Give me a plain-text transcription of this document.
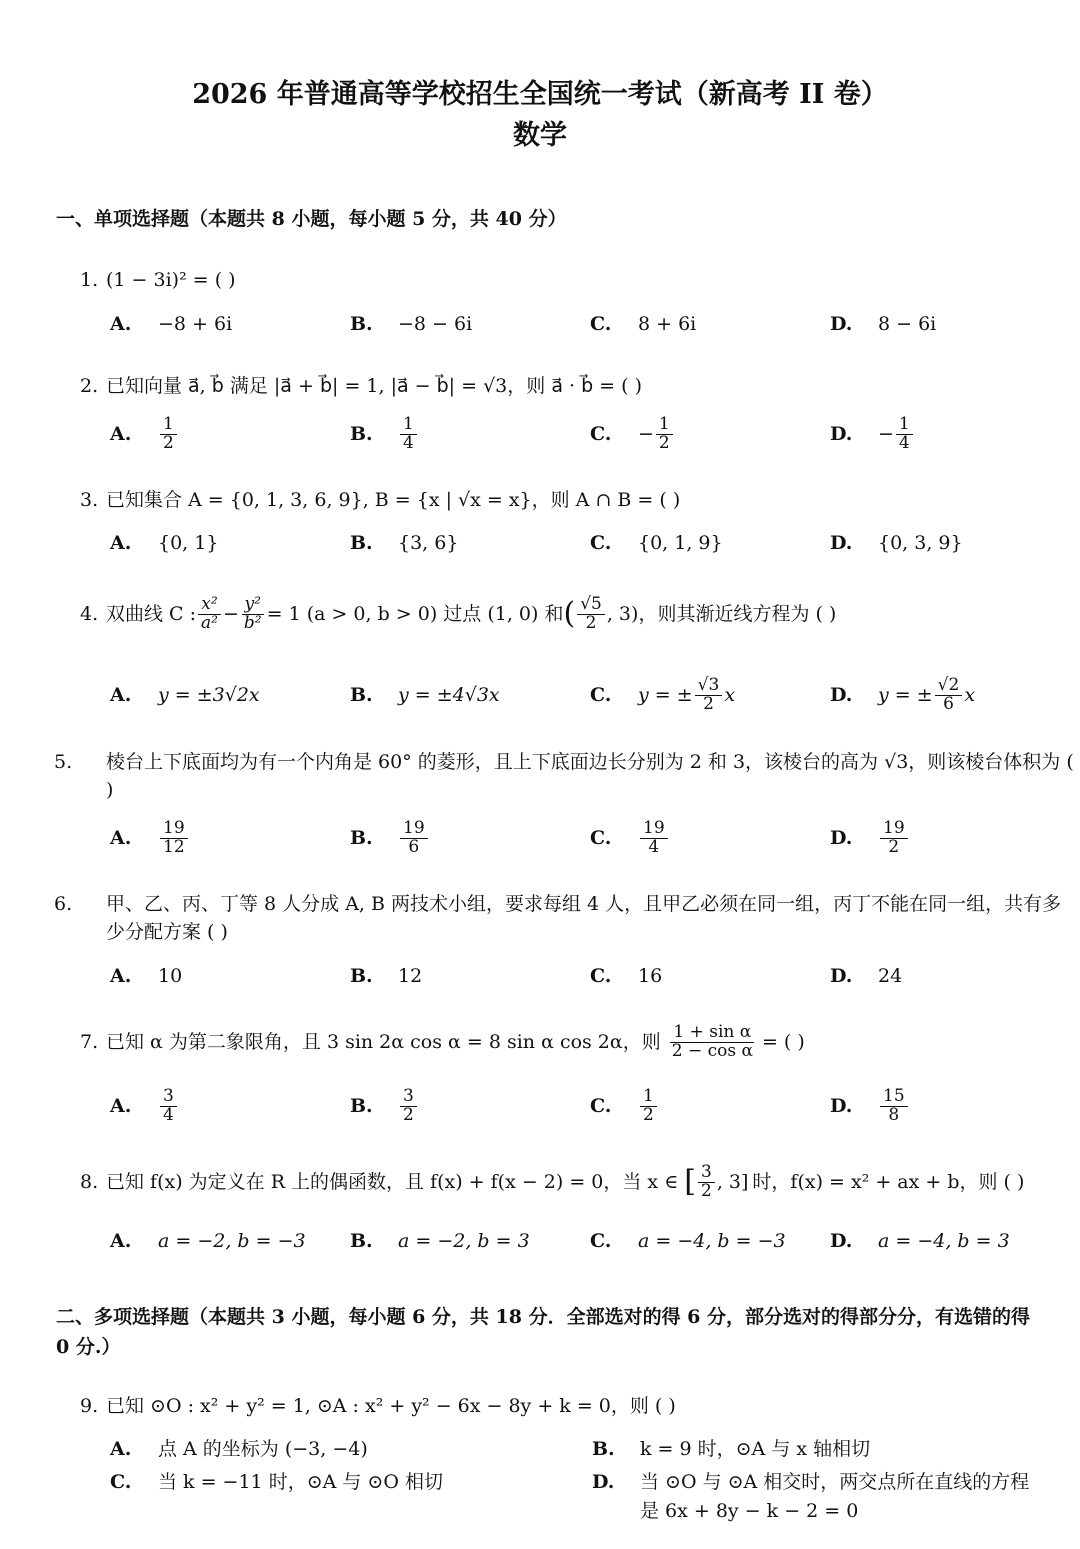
2026 年普通高等学校招生全国统一考试（新高考 II 卷）
数学
一、单项选择题（本题共 8 小题，每小题 5 分，共 40 分）
1. (1 − 3i)² = ( )
A.	−8 + 6i	B.	−8 − 6i	C.	8 + 6i	D.	8 − 6i
2. 已知向量 a⃗, b⃗ 满足 |a⃗ + b⃗| = 1, |a⃗ − b⃗| = √3，则 a⃗ · b⃗ = ( )
A.	$\frac{1}{2}$	B.	$\frac{1}{4}$	C.	− $\frac{1}{2}$	D.	− $\frac{1}{4}$
3. 已知集合 A = {0, 1, 3, 6, 9}, B = {x | √x = x}，则 A ∩ B = ( )
A.	{0, 1}	B.	{3, 6}	C.	{0, 1, 9}	D.	{0, 3, 9}
4. 双曲线 C : $\frac{\text{x²}}{\text{a²}} - \frac{\text{y²}}{\text{b²}} = 1$ (a > 0, b > 0) 过点 (1, 0) 和 ( $\frac{√5}{2}$ , 3) ，则其渐近线方程为 ( )
A.	y = ±3√2x	B.	y = ±4√3x	C.	y = ± $\frac{√3}{2}$ x	D.	y = ± $\frac{√2}{6}$ x
5. 棱台上下底面均为有一个内角是 60° 的菱形，且上下底面边长分别为 2 和 3，该棱台的高为 √3，则该棱台体积为 ( )
A.	$\frac{19}{12}$	B.	$\frac{19}{6}$	C.	$\frac{19}{4}$	D.	$\frac{19}{2}$
6. 甲、乙、丙、丁等 8 人分成 A, B 两技术小组，要求每组 4 人，且甲乙必须在同一组，丙丁不能在同一组，共有多少分配方案 ( )
A.	10	B.	12	C.	16	D.	24
7. 已知 α 为第二象限角，且 3 sin 2α cos α = 8 sin α cos 2α，则 $\frac{\text{1 + sin α}}{\text{2 − cos α}}$ = ( )
A.	$\frac{3}{4}$	B.	$\frac{3}{2}$	C.	$\frac{1}{2}$	D.	$\frac{15}{8}$
8. 已知 f(x) 为定义在 R 上的偶函数，且 f(x) + f(x − 2) = 0，当 x ∈ [ $\frac{3}{2}$ , 3] 时，f(x) = x² + ax + b，则 ( )
A.	a = −2, b = −3 B.	a = −2, b = 3	C.	a = −4, b = −3 D.	a = −4, b = 3
二、多项选择题（本题共 3 小题，每小题 6 分，共 18 分．全部选对的得 6 分，部分选对的得部分分，有选错的得 0 分.）
9. 已知 ⊙O : x² + y² = 1, ⊙A : x² + y² − 6x − 8y + k = 0，则 ( )
A. 点 A 的坐标为 (−3, −4)	B. k = 9 时，⊙A 与 x 轴相切
C. 当 k = −11 时，⊙A 与 ⊙O 相切	D. 当 ⊙O 与 ⊙A 相交时，两交点所在直线的方程
是 6x + 8y − k − 2 = 0
